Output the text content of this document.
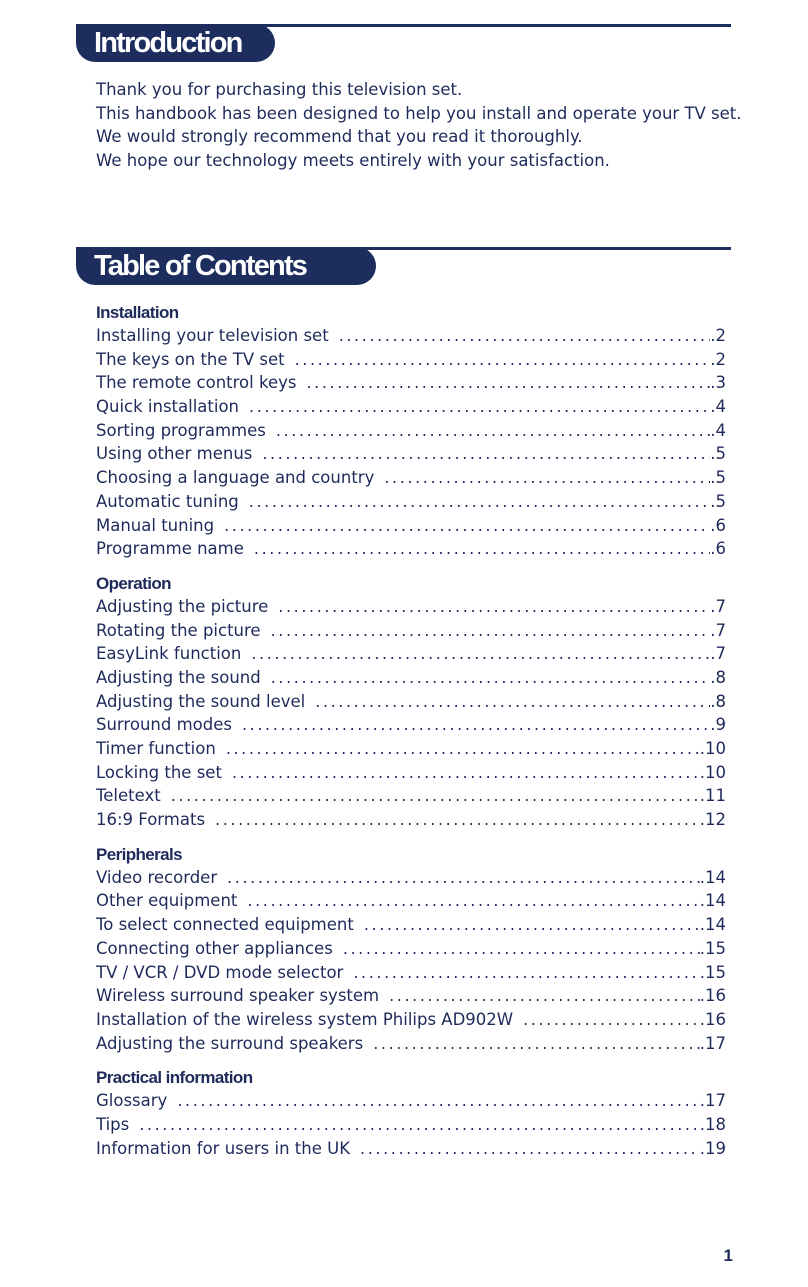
Introduction
Thank you for purchasing this television set.
This handbook has been designed to help you install and operate your TV set.
We would strongly recommend that you read it thoroughly.
We hope our technology meets entirely with your satisfaction.
Table of Contents
Installation
Installing your television set .....	.2
The keys on the TV set .....	.2
The remote control keys .....	.3
Quick installation .....	.4
Sorting programmes .....	.4
Using other menus .....	.5
Choosing a language and country .....	.5
Automatic tuning .....	.5
Manual tuning .....	.6
Programme name .....	.6
Operation
Adjusting the picture .....	.7
Rotating the picture .....	.7
EasyLink function .....	.7
Adjusting the sound .....	.8
Adjusting the sound level .....	.8
Surround modes .....	.9
Timer function .....	.10
Locking the set .....	.10
Teletext .....	.11
16:9 Formats .....	.12
Peripherals
Video recorder .....	.14
Other equipment .....	.14
To select connected equipment .....	.14
Connecting other appliances .....	.15
TV / VCR / DVD mode selector .....	.15
Wireless surround speaker system .....	.16
Installation of the wireless system Philips AD902W .....	.16
Adjusting the surround speakers .....	.17
Practical information
Glossary .....	.17
Tips .....	.18
Information for users in the UK .....	.19
1
